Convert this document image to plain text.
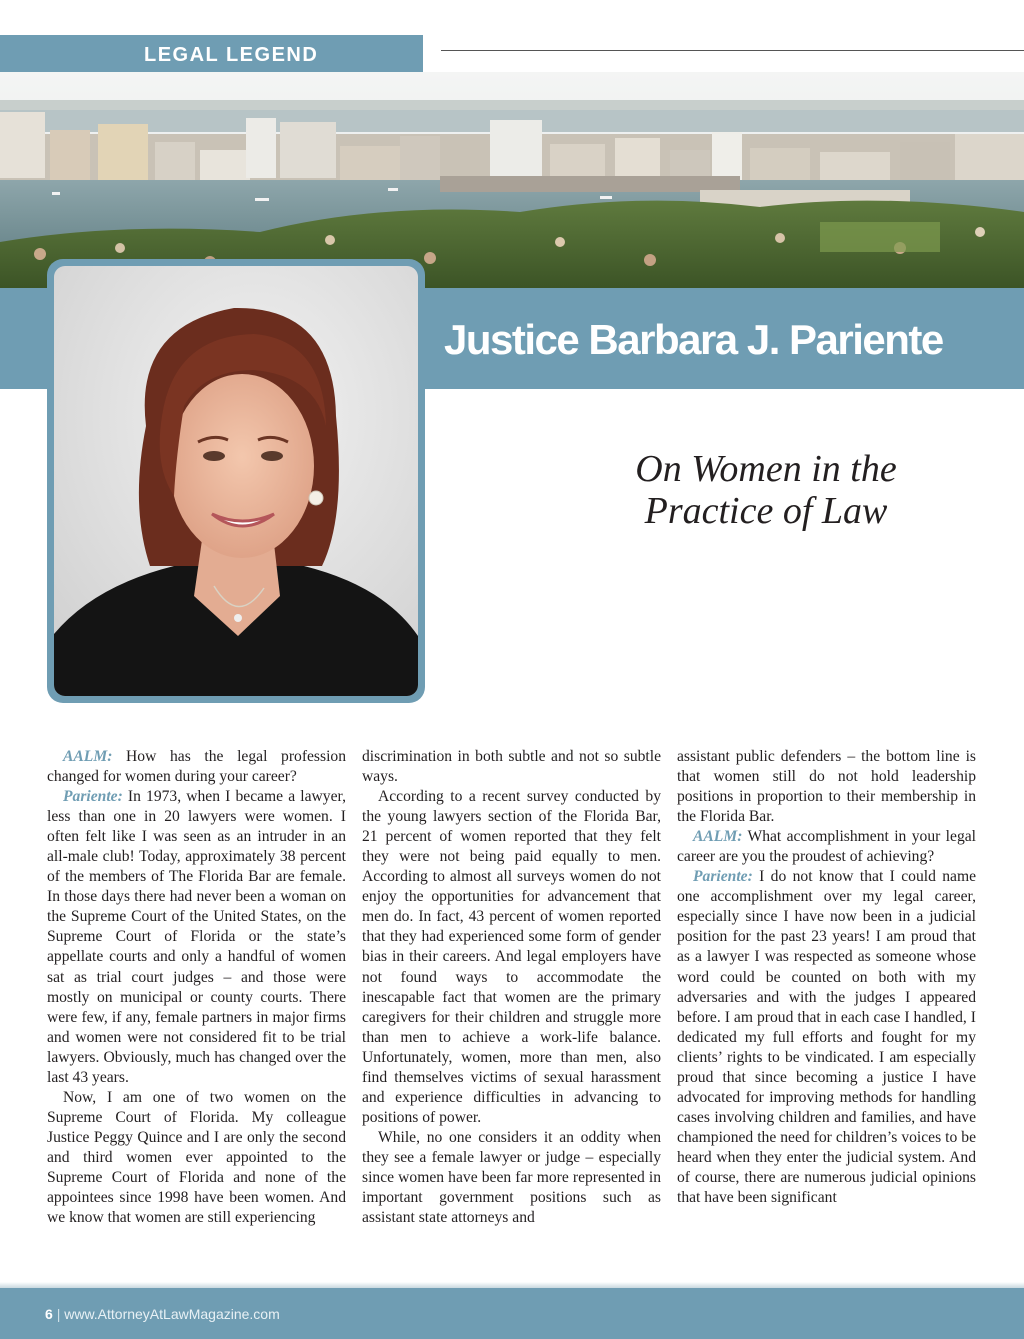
LEGAL LEGEND
Justice Barbara J. Pariente
On Women in the
Practice of Law

AALM: How has the legal profession changed for women during your career?

Pariente: In 1973, when I became a lawyer, less than one in 20 lawyers were women. I often felt like I was seen as an intruder in an all-male club! Today, approximately 38 percent of the members of The Florida Bar are female. In those days there had never been a woman on the Supreme Court of the United States, on the Supreme Court of Florida or the state’s appellate courts and only a handful of women sat as trial court judges – and those were mostly on municipal or county courts. There were few, if any, female partners in major firms and women were not considered fit to be trial lawyers. Obviously, much has changed over the last 43 years.

Now, I am one of two women on the Supreme Court of Florida. My colleague Justice Peggy Quince and I are only the second and third women ever appointed to the Supreme Court of Florida and none of the appointees since 1998 have been women. And we know that women are still experiencing

discrimination in both subtle and not so subtle ways.

According to a recent survey conducted by the young lawyers section of the Florida Bar, 21 percent of women reported that they felt they were not being paid equally to men. According to almost all surveys women do not enjoy the opportunities for advancement that men do. In fact, 43 percent of women reported that they had experienced some form of gender bias in their careers. And legal employers have not found ways to accommodate the inescapable fact that women are the primary caregivers for their children and struggle more than men to achieve a work-life balance. Unfortunately, women, more than men, also find themselves victims of sexual harassment and experience difficulties in advancing to positions of power.

While, no one considers it an oddity when they see a female lawyer or judge – especially since women have been far more represented in important government positions such as assistant state attorneys and

assistant public defenders – the bottom line is that women still do not hold leadership positions in proportion to their membership in the Florida Bar.

AALM: What accomplishment in your legal career are you the proudest of achieving?

Pariente: I do not know that I could name one accomplishment over my legal career, especially since I have now been in a judicial position for the past 23 years! I am proud that as a lawyer I was respected as someone whose word could be counted on both with my adversaries and with the judges I appeared before. I am proud that in each case I handled, I dedicated my full efforts and fought for my clients’ rights to be vindicated. I am especially proud that since becoming a justice I have advocated for improving methods for handling cases involving children and families, and have championed the need for children’s voices to be heard when they enter the judicial system. And of course, there are numerous judicial opinions that have been significant

6 | www.AttorneyAtLawMagazine.com
